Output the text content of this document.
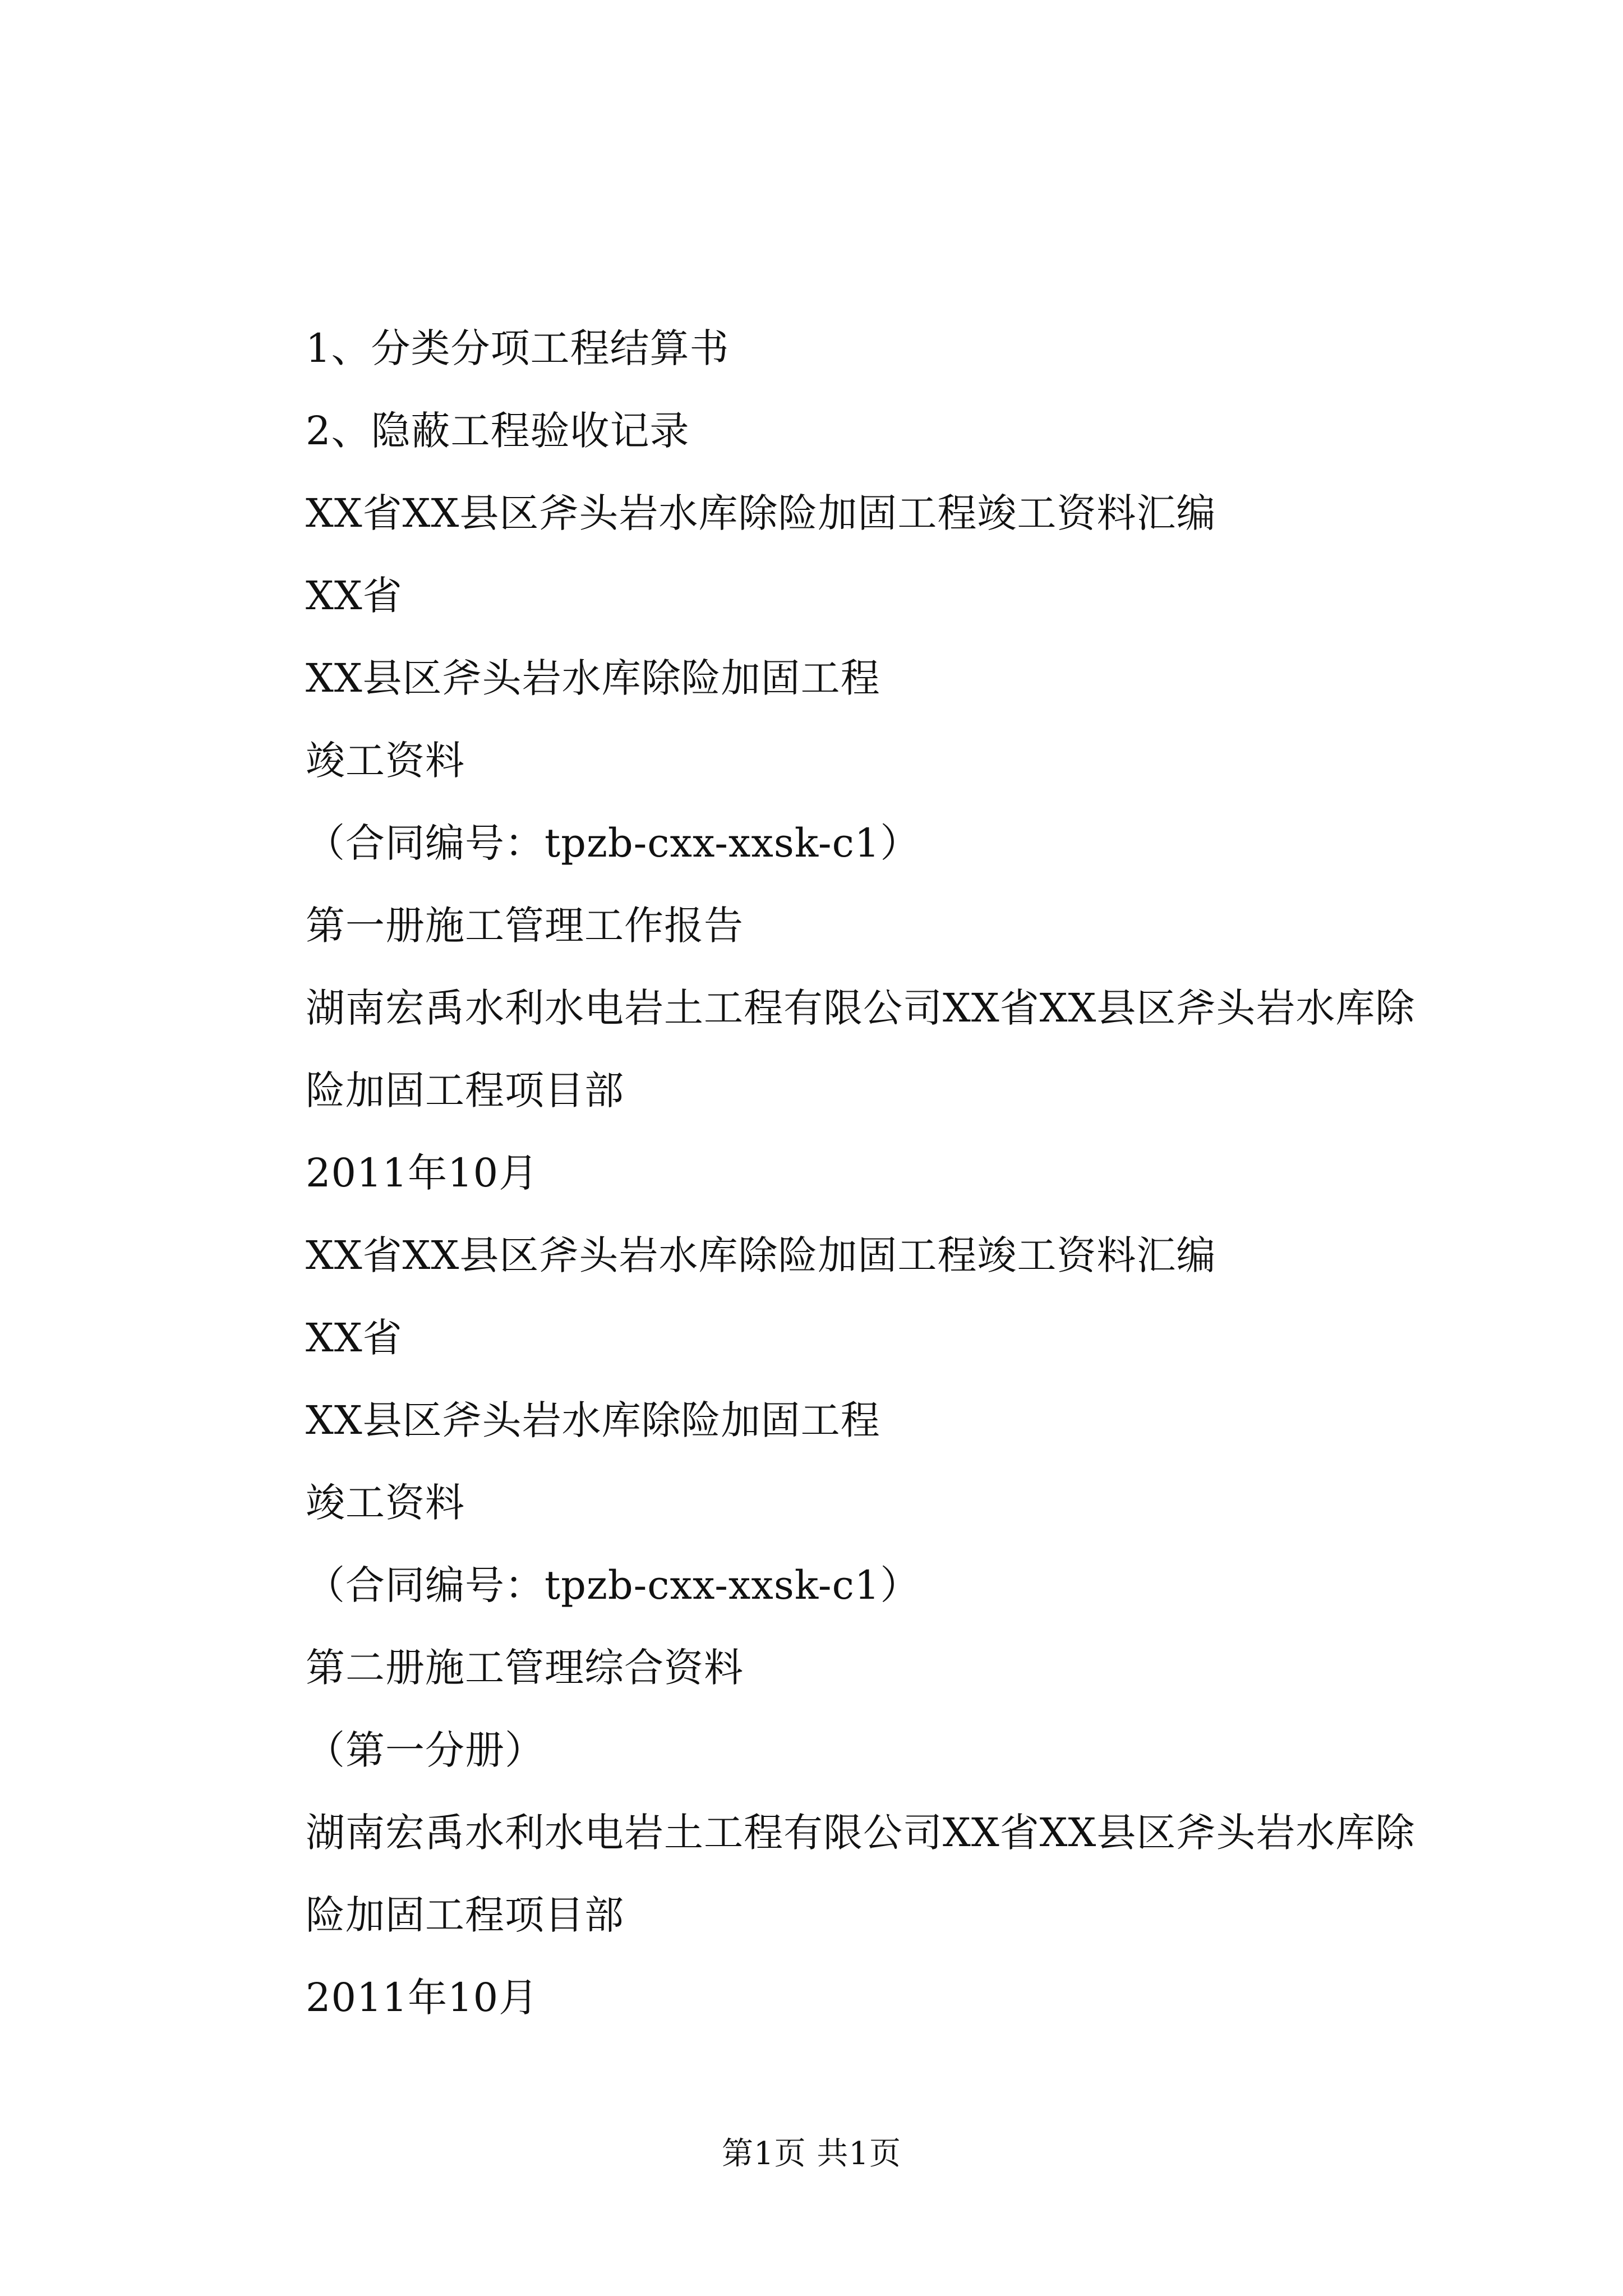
1、分类分项工程结算书

2、隐蔽工程验收记录

XX省XX县区斧头岩水库除险加固工程竣工资料汇编

XX省

XX县区斧头岩水库除险加固工程

竣工资料

（合同编号：tpzb-cxx-xxsk-c1）

第一册施工管理工作报告

湖南宏禹水利水电岩土工程有限公司XX省XX县区斧头岩水库除险加固工程项目部

2011年10月

XX省XX县区斧头岩水库除险加固工程竣工资料汇编

XX省

XX县区斧头岩水库除险加固工程

竣工资料

（合同编号：tpzb-cxx-xxsk-c1）

第二册施工管理综合资料

（第一分册）

湖南宏禹水利水电岩土工程有限公司XX省XX县区斧头岩水库除险加固工程项目部

2011年10月

第1页 共1页
